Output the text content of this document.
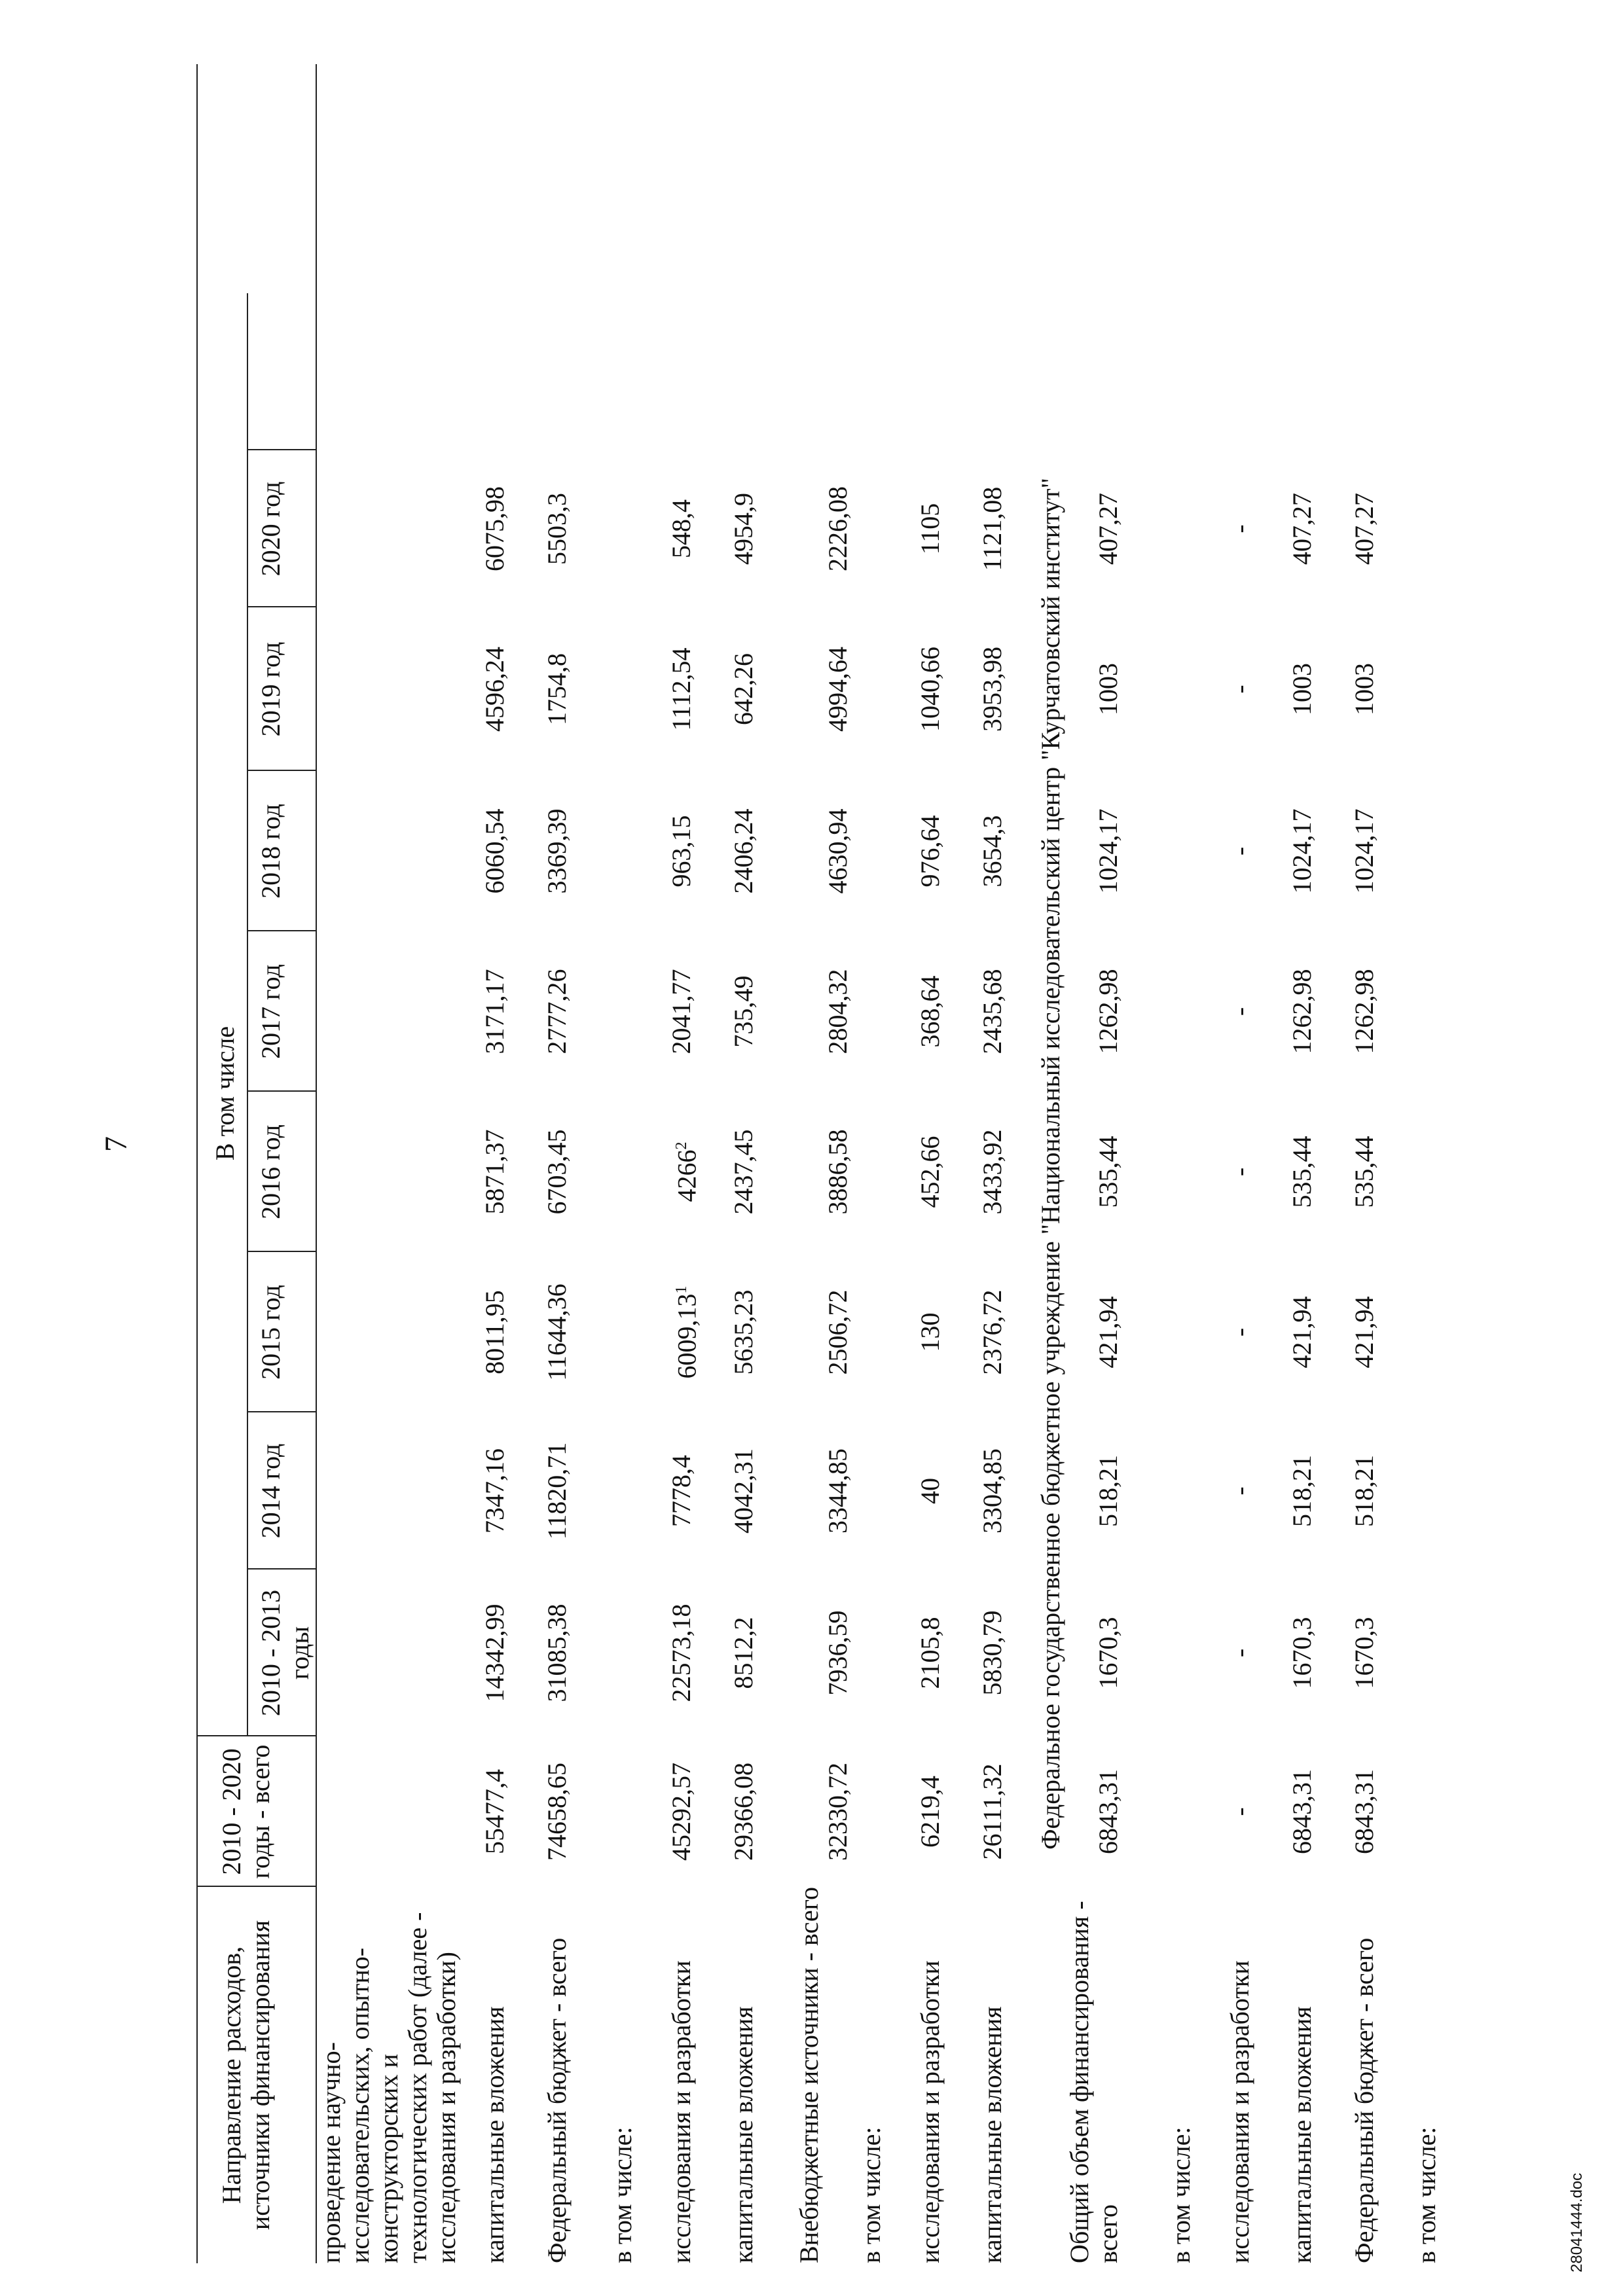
7
Направление расходов, источники финансирования
2010 - 2020 годы - всего
В том числе
2010 - 2013 годы
2014 год
2015 год
2016 год
2017 год
2018 год
2019 год
2020 год
проведение научно-исследовательских, опытно-конструкторских и технологических работ (далее - исследования и разработки) капитальные вложения
55477,4
14342,99
7347,16
8011,95
5871,37
3171,17
6060,54
4596,24
6075,98
Федеральный бюджет - всего
74658,65
31085,38
11820,71
11644,36
6703,45
2777,26
3369,39
1754,8
5503,3
в том числе: исследования и разработки
45292,57
22573,18
7778,4
6009,13$^1$
4266$^2$
2041,77
963,15
1112,54
548,4
капитальные вложения
29366,08
8512,2
4042,31
5635,23
2437,45
735,49
2406,24
642,26
4954,9
Внебюджетные источники - всего
32330,72
7936,59
3344,85
2506,72
3886,58
2804,32
4630,94
4994,64
2226,08
в том числе: исследования и разработки
6219,4
2105,8
40
130
452,66
368,64
976,64
1040,66
1105
капитальные вложения
26111,32
5830,79
3304,85
2376,72
3433,92
2435,68
3654,3
3953,98
1121,08 Федеральное государственное бюджетное учреждение "Национальный исследовательский центр "Курчатовский институт"
Общий объем финансирования - всего
6843,31
1670,3
518,21
421,94
535,44
1262,98
1024,17
1003
407,27
в том числе: исследования и разработки
-
-
-
-
-
-
-
-
-
капитальные вложения
6843,31
1670,3
518,21
421,94
535,44
1262,98
1024,17
1003
407,27
Федеральный бюджет - всего
6843,31
1670,3
518,21
421,94
535,44
1262,98
1024,17
1003
407,27
в том числе:	28041444.doc
